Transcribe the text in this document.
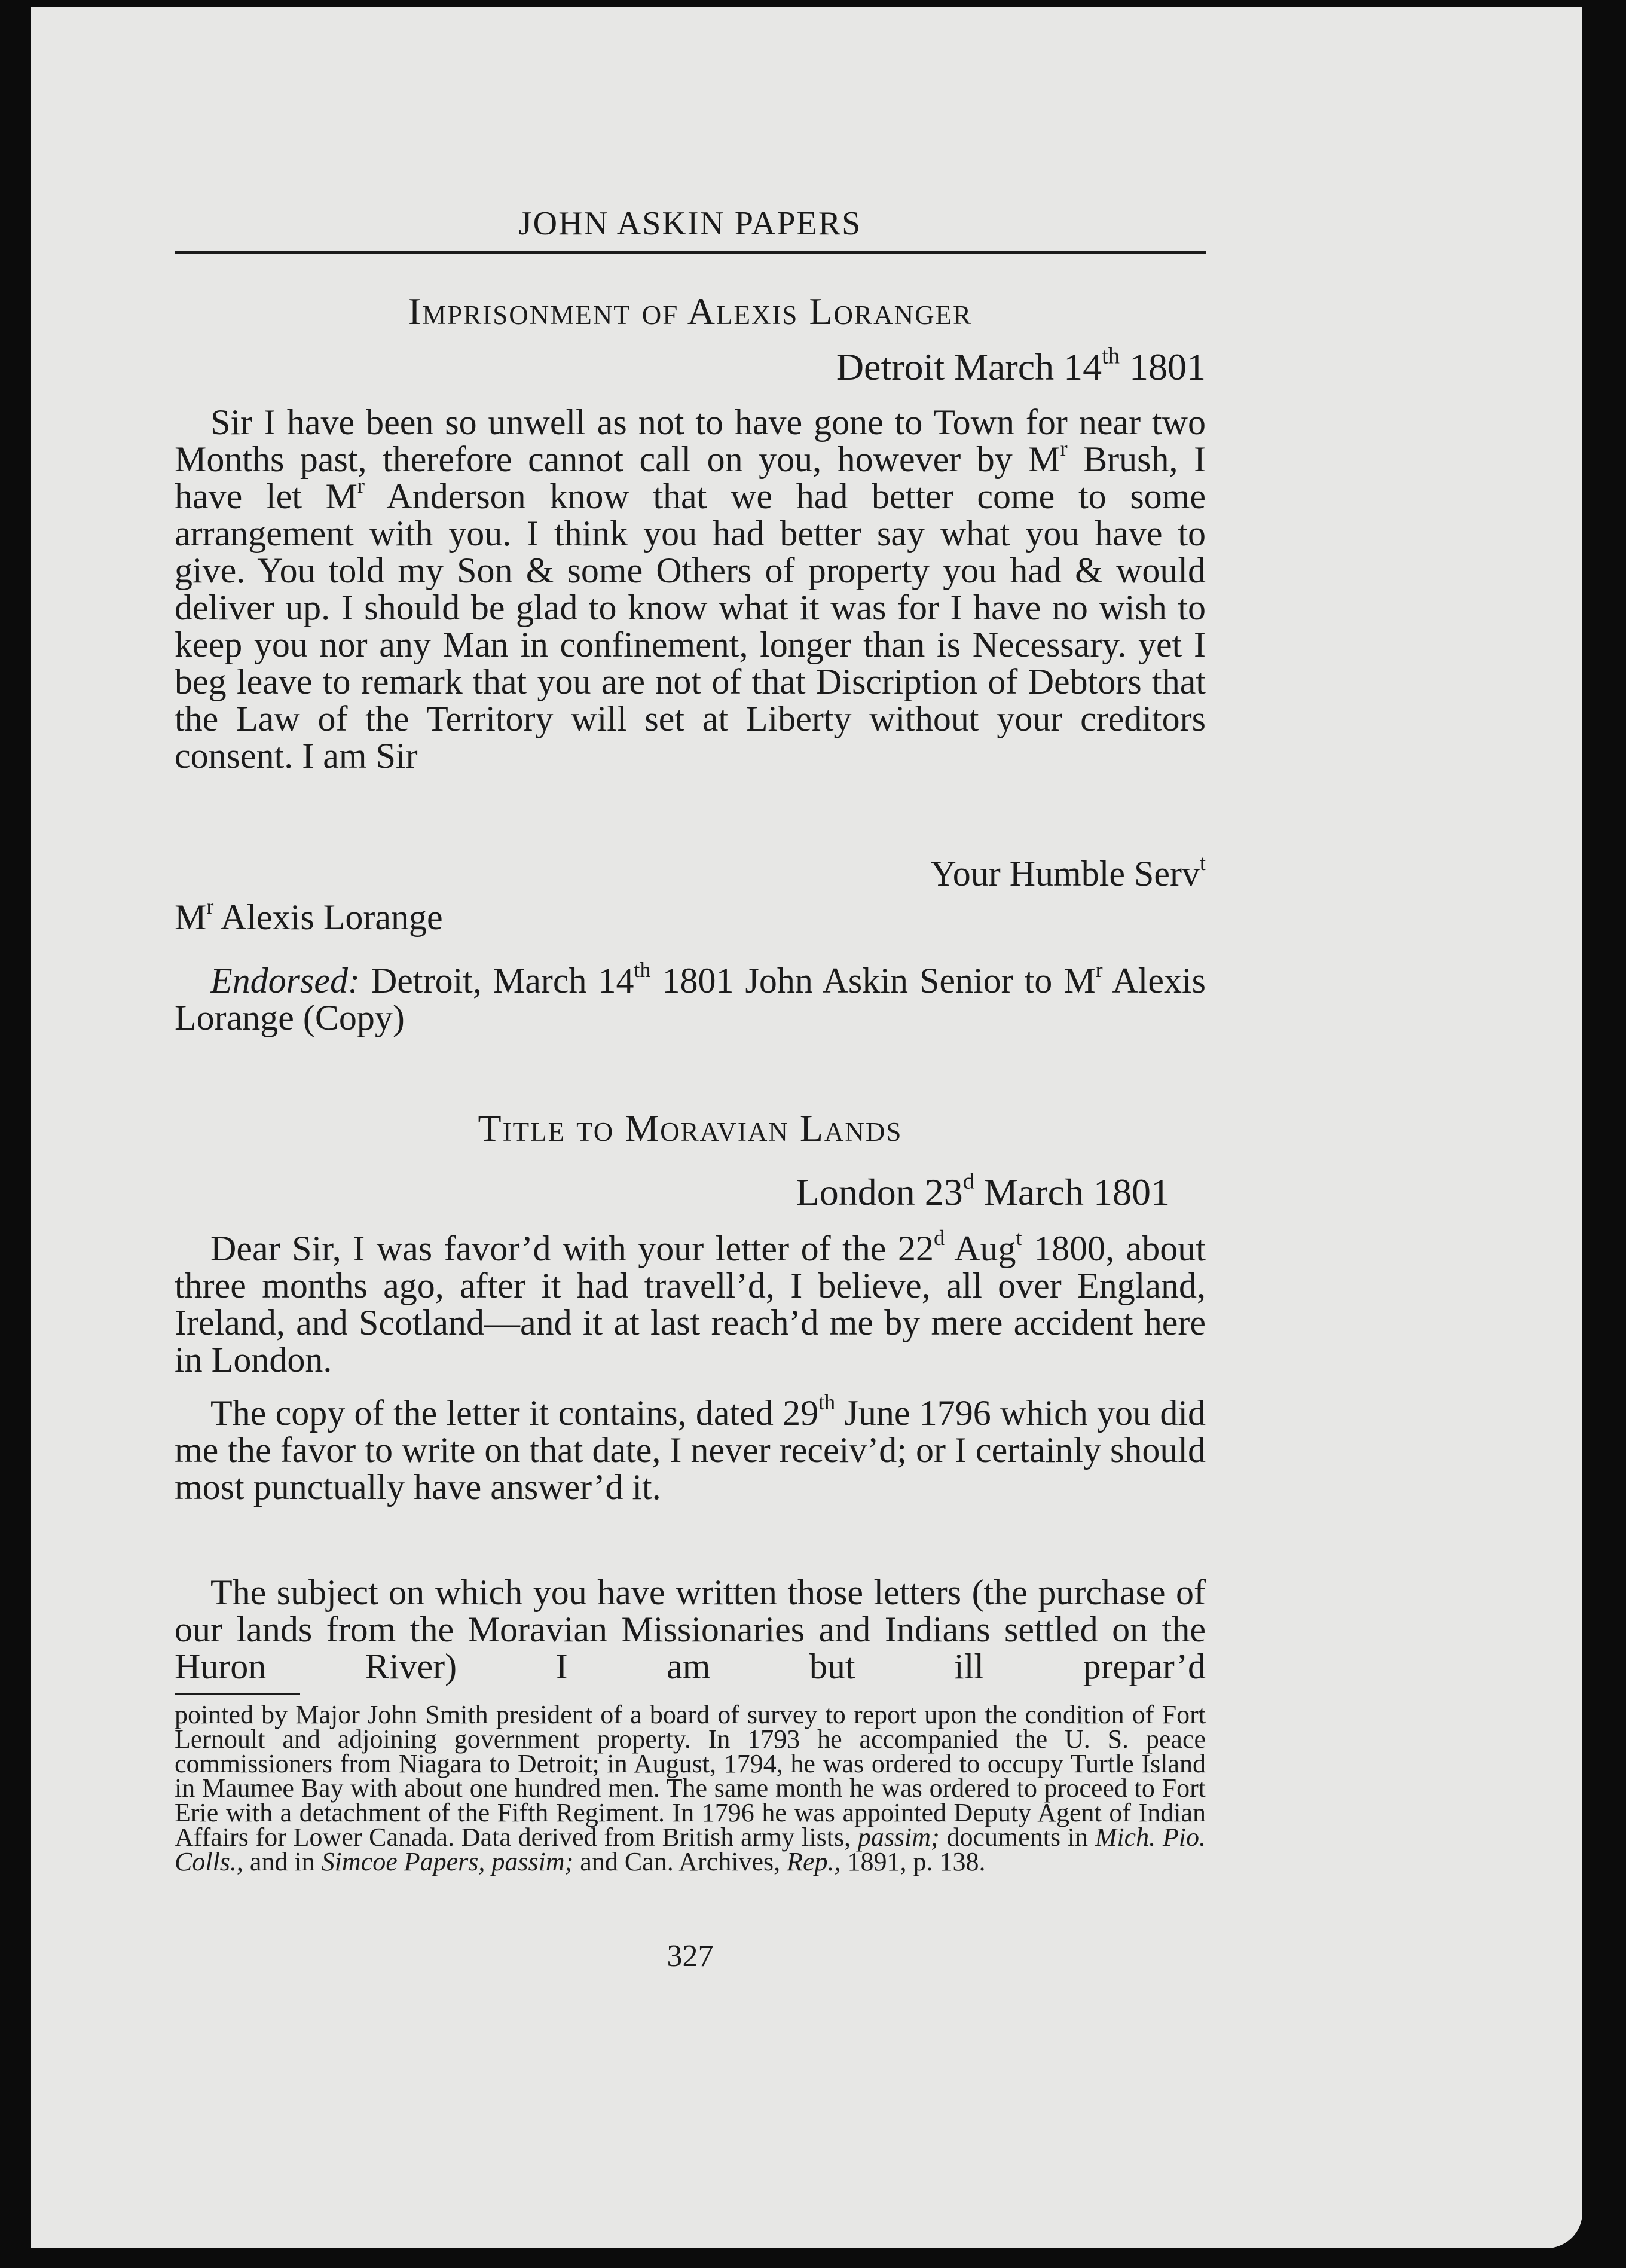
JOHN ASKIN PAPERS
Imprisonment of Alexis Loranger
Detroit March 14th 1801

Sir I have been so unwell as not to have gone to Town for near two Months past, therefore cannot call on you, however by $M^r$ Brush, I have let $M^r$ Anderson know that we had better come to some arrangement with you. I think you had better say what you have to give. You told my Son & some Others of property you had & would deliver up. I should be glad to know what it was for I have no wish to keep you nor any Man in confinement, longer than is Necessary. yet I beg leave to remark that you are not of that Discription of Debtors that the Law of the Territory will set at Liberty without your creditors consent. I am Sir

Your Humble Serv$^t$
$M^r$ Alexis Lorange

Endorsed: Detroit, March 14th 1801 John Askin Senior to $M^r$ Alexis Lorange (Copy)

Title to Moravian Lands
London 23$^d$ March 1801

Dear Sir, I was favor’d with your letter of the 22$^d$ Aug$^t$ 1800, about three months ago, after it had travell’d, I believe, all over England, Ireland, and Scotland—and it at last reach’d me by mere accident here in London.

The copy of the letter it contains, dated 29th June 1796 which you did me the favor to write on that date, I never receiv’d; or I certainly should most punctually have answer’d it.

The subject on which you have written those letters (the purchase of our lands from the Moravian Missionaries and Indians settled on the Huron River) I am but ill prepar’d

pointed by Major John Smith president of a board of survey to report upon the condition of Fort Lernoult and adjoining government property. In 1793 he accompanied the U. S. peace commissioners from Niagara to Detroit; in August, 1794, he was ordered to occupy Turtle Island in Maumee Bay with about one hundred men. The same month he was ordered to proceed to Fort Erie with a detachment of the Fifth Regiment. In 1796 he was appointed Deputy Agent of Indian Affairs for Lower Canada. Data derived from British army lists, passim; documents in Mich. Pio. Colls., and in Simcoe Papers, passim; and Can. Archives, Rep., 1891, p. 138.

327
